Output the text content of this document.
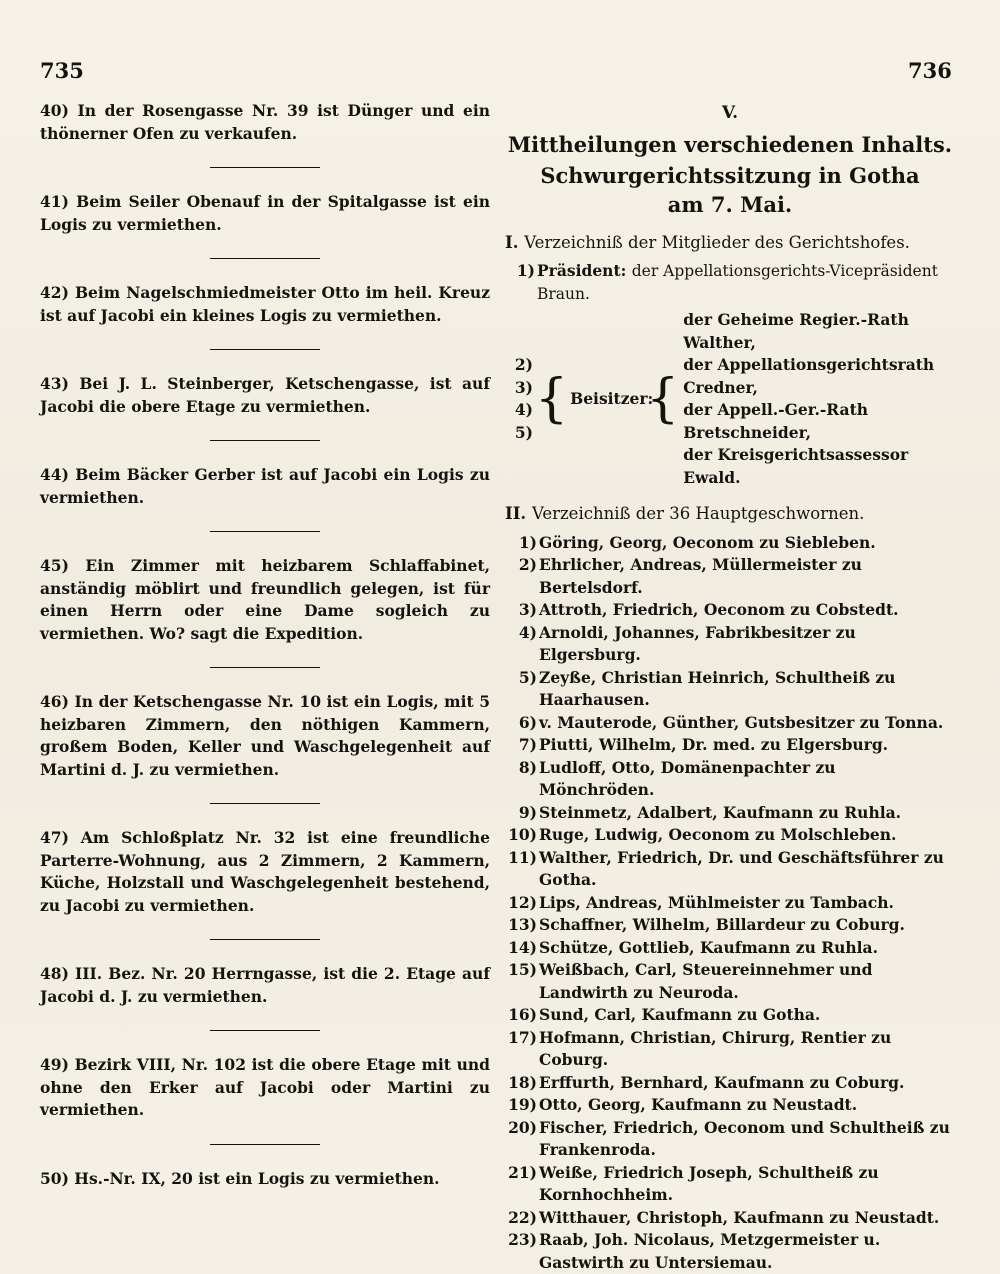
735	736

40) In der Rosengasse Nr. 39 ist Dünger und ein thönerner Ofen zu verkaufen.

41) Beim Seiler Obenauf in der Spitalgasse ist ein Logis zu vermiethen.

42) Beim Nagelschmiedmeister Otto im heil. Kreuz ist auf Jacobi ein kleines Logis zu vermiethen.

43) Bei J. L. Steinberger, Ketschengasse, ist auf Jacobi die obere Etage zu vermiethen.

44) Beim Bäcker Gerber ist auf Jacobi ein Logis zu vermiethen.

45) Ein Zimmer mit heizbarem Schlaffabinet, anständig möblirt und freundlich gelegen, ist für einen Herrn oder eine Dame sogleich zu vermiethen. Wo? sagt die Expedition.

46) In der Ketschengasse Nr. 10 ist ein Logis, mit 5 heizbaren Zimmern, den nöthigen Kammern, großem Boden, Keller und Waschgelegenheit auf Martini d. J. zu vermiethen.

47) Am Schloßplatz Nr. 32 ist eine freundliche Parterre-Wohnung, aus 2 Zimmern, 2 Kammern, Küche, Holzstall und Waschgelegenheit bestehend, zu Jacobi zu vermiethen.

48) III. Bez. Nr. 20 Herrngasse, ist die 2. Etage auf Jacobi d. J. zu vermiethen.

49) Bezirk VIII, Nr. 102 ist die obere Etage mit und ohne den Erker auf Jacobi oder Martini zu vermiethen.

50) Hs.-Nr. IX, 20 ist ein Logis zu vermiethen.

V.
Mittheilungen verschiedenen Inhalts.
Schwurgerichtssitzung in Gotha
am 7. Mai.
I. Verzeichniß der Mitglieder des Gerichtshofes.
1) Präsident: der Appellationsgerichts-Vicepräsident Braun.
2)
3)
4)
5)
{ Beisitzer:
{
der Geheime Regier.-Rath Walther,
der Appellationsgerichtsrath Credner,
der Appell.-Ger.-Rath Bretschneider,
der Kreisgerichtsassessor Ewald.
II. Verzeichniß der 36 Hauptgeschwornen.
1) Göring, Georg, Oeconom zu Siebleben.
2) Ehrlicher, Andreas, Müllermeister zu Bertelsdorf.
3) Attroth, Friedrich, Oeconom zu Cobstedt.
4) Arnoldi, Johannes, Fabrikbesitzer zu Elgersburg.
5) Zeyße, Christian Heinrich, Schultheiß zu Haarhausen.
6) v. Mauterode, Günther, Gutsbesitzer zu Tonna.
7) Piutti, Wilhelm, Dr. med. zu Elgersburg.
8) Ludloff, Otto, Domänenpachter zu Mönchröden.
9) Steinmetz, Adalbert, Kaufmann zu Ruhla.
10) Ruge, Ludwig, Oeconom zu Molschleben.
11) Walther, Friedrich, Dr. und Geschäftsführer zu Gotha.
12) Lips, Andreas, Mühlmeister zu Tambach.
13) Schaffner, Wilhelm, Billardeur zu Coburg.
14) Schütze, Gottlieb, Kaufmann zu Ruhla.
15) Weißbach, Carl, Steuereinnehmer und Landwirth zu Neuroda.
16) Sund, Carl, Kaufmann zu Gotha.
17) Hofmann, Christian, Chirurg, Rentier zu Coburg.
18) Erffurth, Bernhard, Kaufmann zu Coburg.
19) Otto, Georg, Kaufmann zu Neustadt.
20) Fischer, Friedrich, Oeconom und Schultheiß zu Frankenroda.
21) Weiße, Friedrich Joseph, Schultheiß zu Kornhochheim.
22) Witthauer, Christoph, Kaufmann zu Neustadt.
23) Raab, Joh. Nicolaus, Metzgermeister u. Gastwirth zu Untersiemau.
